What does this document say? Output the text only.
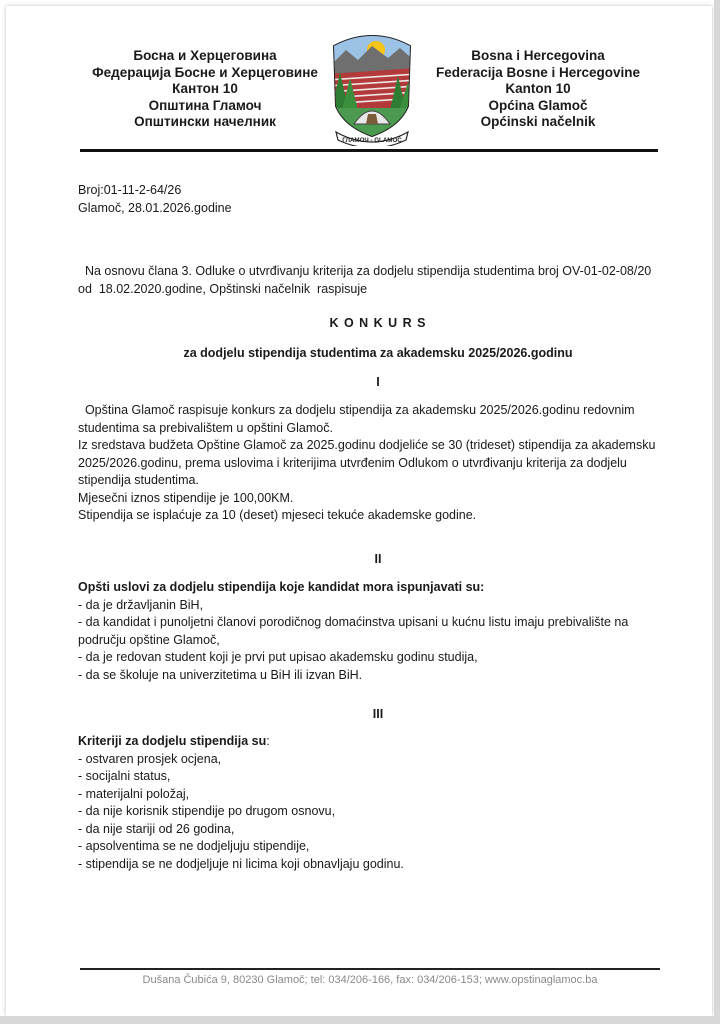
Босна и Херцеговина
Федерација Босне и Херцеговине
Кантон 10
Општина Гламоч
Општински начелник
ГЛАМОЧ - GLAMOČ
Bosna i Hercegovina
Federacija Bosne i Hercegovine
Kanton 10
Općina Glamoč
Općinski načelnik
Broj:01-11-2-64/26
Glamoč, 28.01.2026.godine
Na osnovu člana 3. Odluke o utvrđivanju kriterija za dodjelu stipendija studentima broj OV-01-02-08/20
od  18.02.2020.godine, Opštinski načelnik  raspisuje
K O N K U R S
za dodjelu stipendija studentima za akademsku 2025/2026.godinu
I
Opština Glamoč raspisuje konkurs za dodjelu stipendija za akademsku 2025/2026.godinu redovnim
studentima sa prebivalištem u opštini Glamoč.
Iz sredstava budžeta Opštine Glamoč za 2025.godinu dodjeliće se 30 (trideset) stipendija za akademsku
2025/2026.godinu, prema uslovima i kriterijima utvrđenim Odlukom o utvrđivanju kriterija za dodjelu
stipendija studentima.
Mjesečni iznos stipendije je 100,00KM.
Stipendija se isplaćuje za 10 (deset) mjeseci tekuće akademske godine.
II
Opšti uslovi za dodjelu stipendija koje kandidat mora ispunjavati su:
- da je državljanin BiH,
- da kandidat i punoljetni članovi porodičnog domaćinstva upisani u kućnu listu imaju prebivalište na
području opštine Glamoč,
- da je redovan student koji je prvi put upisao akademsku godinu studija,
- da se školuje na univerzitetima u BiH ili izvan BiH.
III
Kriteriji za dodjelu stipendija su:
- ostvaren prosjek ocjena,
- socijalni status,
- materijalni položaj,
- da nije korisnik stipendije po drugom osnovu,
- da nije stariji od 26 godina,
- apsolventima se ne dodjeljuju stipendije,
- stipendija se ne dodjeljuje ni licima koji obnavljaju godinu.
Dušana Čubića 9, 80230 Glamoč; tel: 034/206-166, fax: 034/206-153; www.opstinaglamoc.ba
